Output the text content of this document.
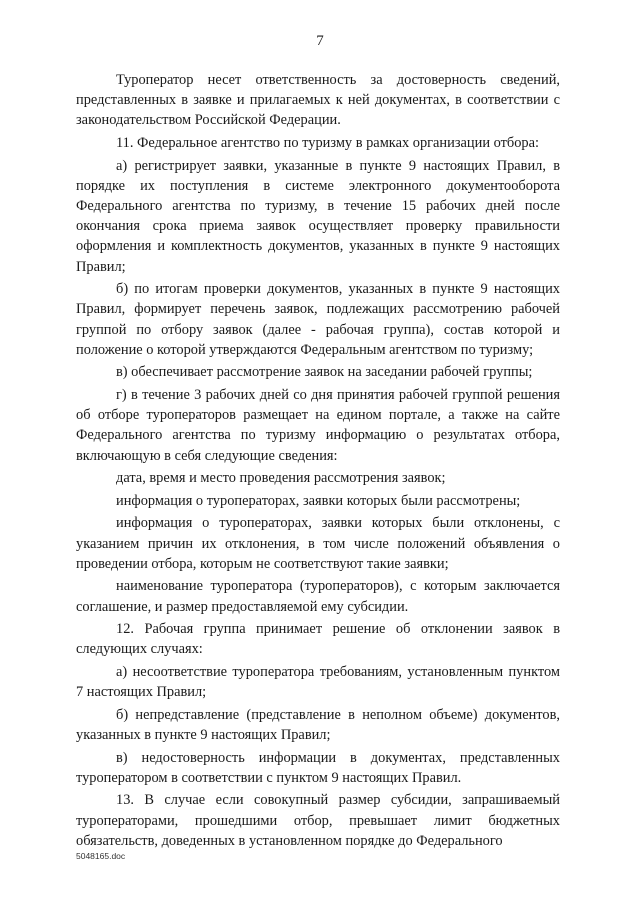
7

Туроператор несет ответственность за достоверность сведений, представленных в заявке и прилагаемых к ней документах, в соответствии с законодательством Российской Федерации.

11. Федеральное агентство по туризму в рамках организации отбора:

а) регистрирует заявки, указанные в пункте 9 настоящих Правил, в порядке их поступления в системе электронного документооборота Федерального агентства по туризму, в течение 15 рабочих дней после окончания срока приема заявок осуществляет проверку правильности оформления и комплектность документов, указанных в пункте 9 настоящих Правил;

б) по итогам проверки документов, указанных в пункте 9 настоящих Правил, формирует перечень заявок, подлежащих рассмотрению рабочей группой по отбору заявок (далее - рабочая группа), состав которой и положение о которой утверждаются Федеральным агентством по туризму;

в) обеспечивает рассмотрение заявок на заседании рабочей группы;

г) в течение 3 рабочих дней со дня принятия рабочей группой решения об отборе туроператоров размещает на едином портале, а также на сайте Федерального агентства по туризму информацию о результатах отбора, включающую в себя следующие сведения:

дата, время и место проведения рассмотрения заявок;

информация о туроператорах, заявки которых были рассмотрены;

информация о туроператорах, заявки которых были отклонены, с указанием причин их отклонения, в том числе положений объявления о проведении отбора, которым не соответствуют такие заявки;

наименование туроператора (туроператоров), с которым заключается соглашение, и размер предоставляемой ему субсидии.

12. Рабочая группа принимает решение об отклонении заявок в следующих случаях:

а) несоответствие туроператора требованиям, установленным пунктом 7 настоящих Правил;

б) непредставление (представление в неполном объеме) документов, указанных в пункте 9 настоящих Правил;

в) недостоверность информации в документах, представленных туроператором в соответствии с пунктом 9 настоящих Правил.

13. В случае если совокупный размер субсидии, запрашиваемый туроператорами, прошедшими отбор, превышает лимит бюджетных обязательств, доведенных в установленном порядке до Федерального

5048165.doc
